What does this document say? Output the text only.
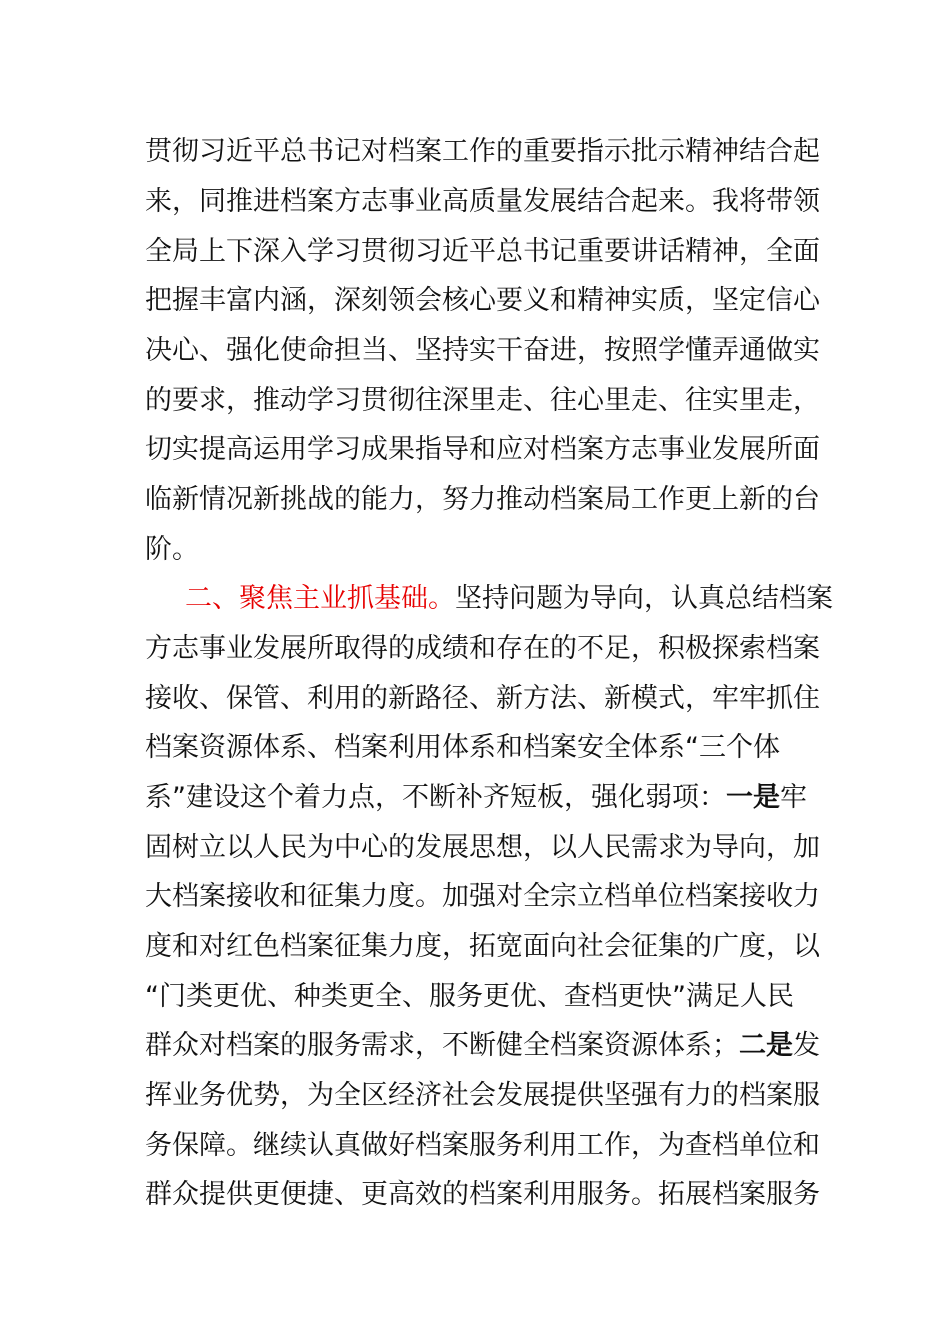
贯彻习近平总书记对档案工作的重要指示批示精神结合起
来，同推进档案方志事业高质量发展结合起来。我将带领
全局上下深入学习贯彻习近平总书记重要讲话精神，全面
把握丰富内涵，深刻领会核心要义和精神实质，坚定信心
决心、强化使命担当、坚持实干奋进，按照学懂弄通做实
的要求，推动学习贯彻往深里走、往心里走、往实里走，
切实提高运用学习成果指导和应对档案方志事业发展所面
临新情况新挑战的能力，努力推动档案局工作更上新的台
阶。
二、聚焦主业抓基础。坚持问题为导向，认真总结档案
方志事业发展所取得的成绩和存在的不足，积极探索档案
接收、保管、利用的新路径、新方法、新模式，牢牢抓住
档案资源体系、档案利用体系和档案安全体系“三个体
系”建设这个着力点，不断补齐短板，强化弱项：一是牢
固树立以人民为中心的发展思想，以人民需求为导向，加
大档案接收和征集力度。加强对全宗立档单位档案接收力
度和对红色档案征集力度，拓宽面向社会征集的广度，以
“门类更优、种类更全、服务更优、查档更快”满足人民
群众对档案的服务需求，不断健全档案资源体系；二是发
挥业务优势，为全区经济社会发展提供坚强有力的档案服
务保障。继续认真做好档案服务利用工作，为查档单位和
群众提供更便捷、更高效的档案利用服务。拓展档案服务
